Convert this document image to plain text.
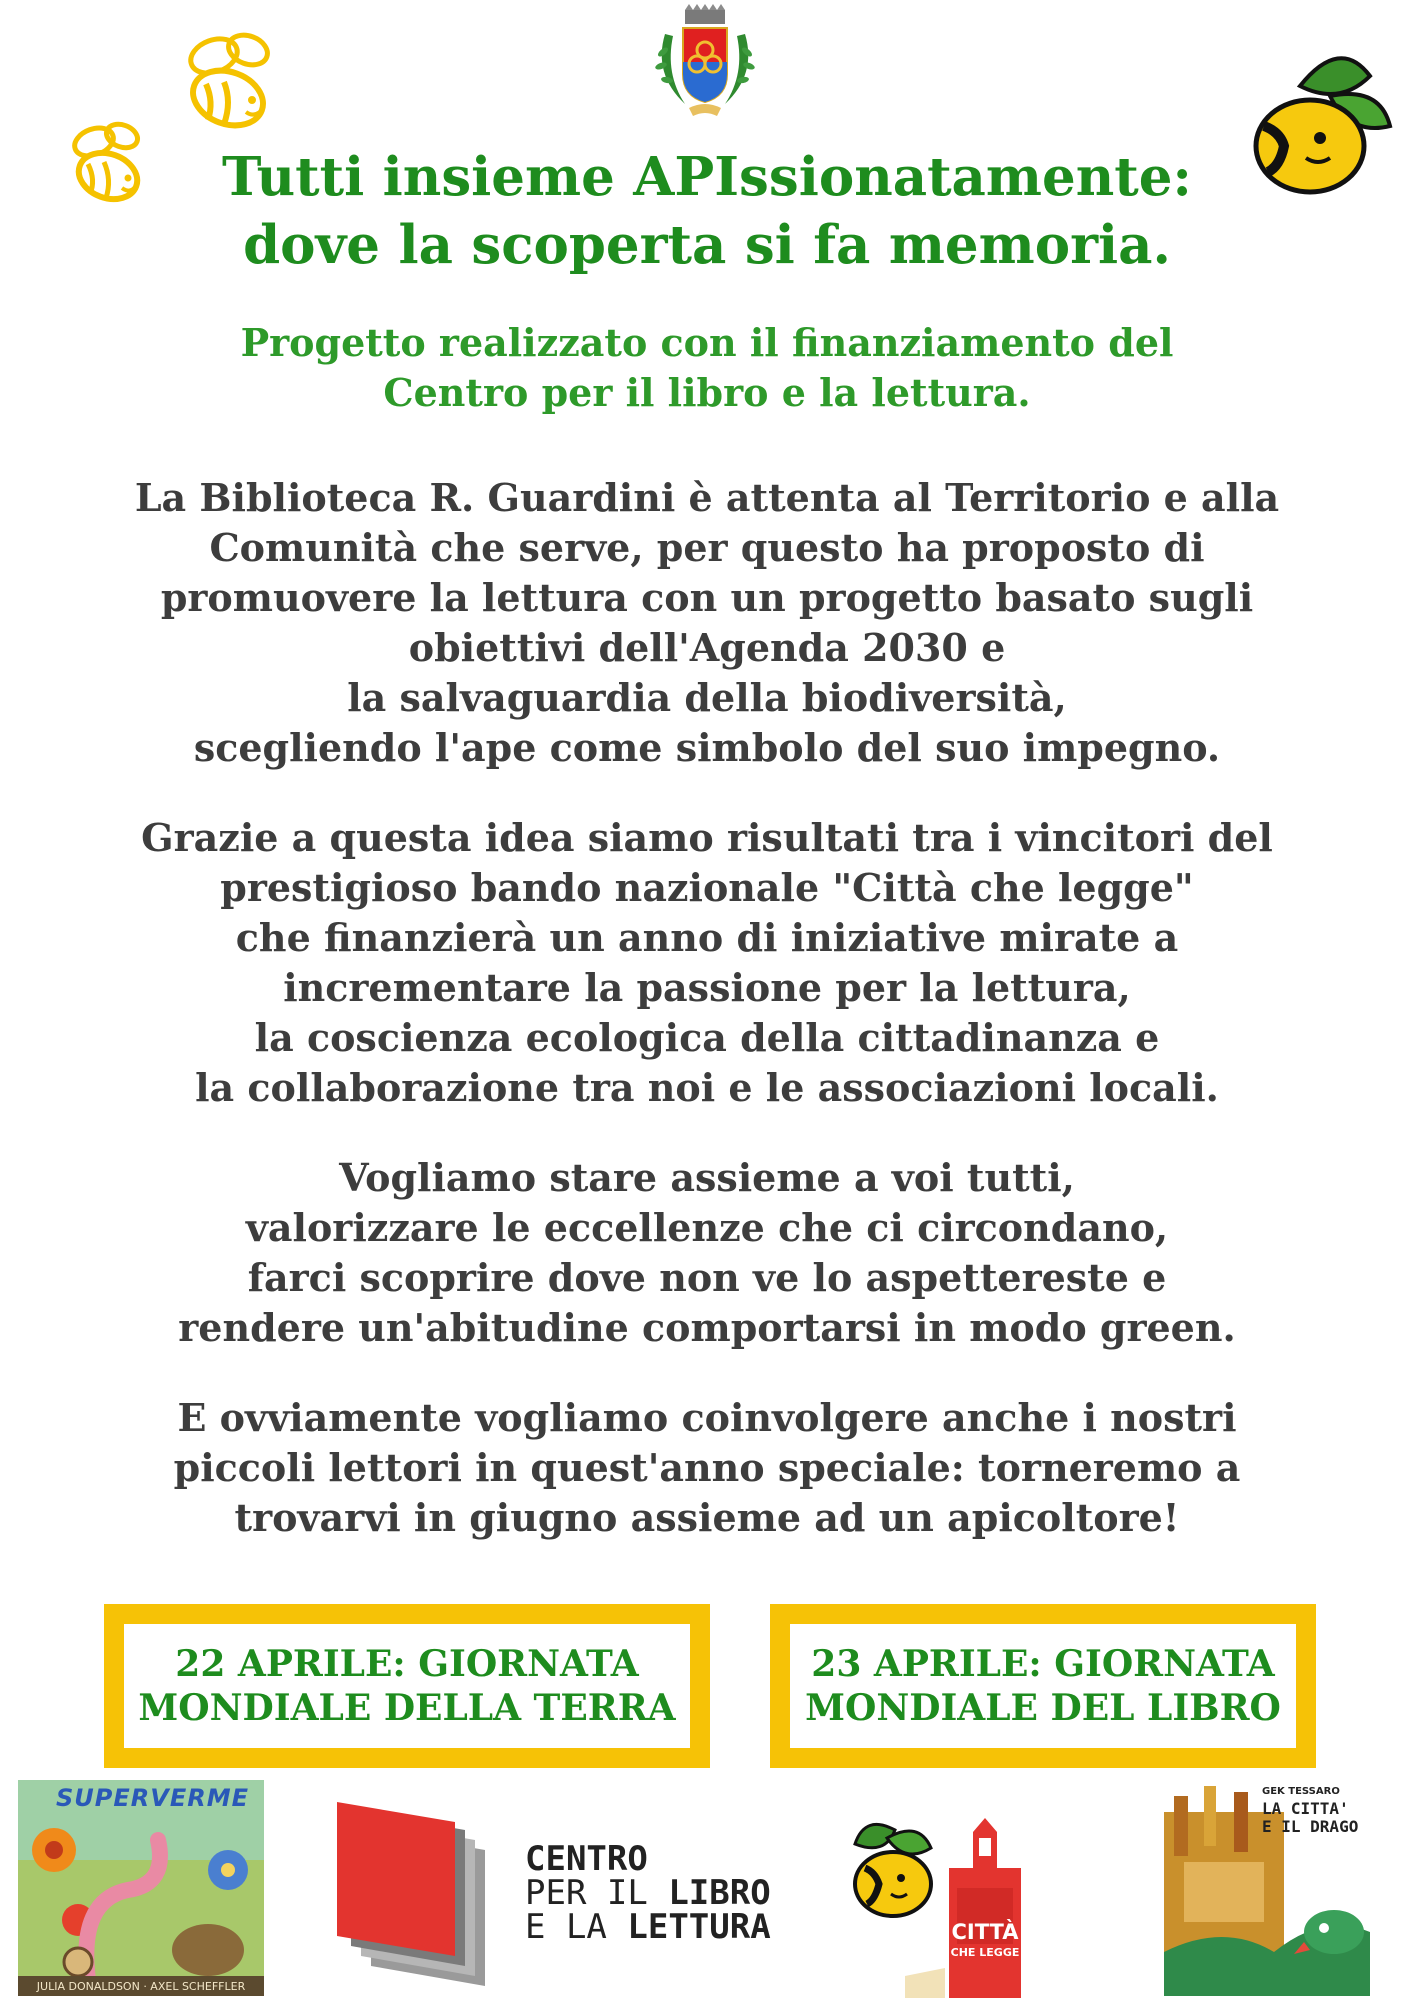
Tutti insieme APIssionatamente:
dove la scoperta si fa memoria.
Progetto realizzato con il finanziamento del
Centro per il libro e la lettura.
La Biblioteca R. Guardini è attenta al Territorio e alla
Comunità che serve, per questo ha proposto di
promuovere la lettura con un progetto basato sugli
obiettivi dell'Agenda 2030 e
la salvaguardia della biodiversità,
scegliendo l'ape come simbolo del suo impegno.
Grazie a questa idea siamo risultati tra i vincitori del
prestigioso bando nazionale "Città che legge"
che finanzierà un anno di iniziative mirate a
incrementare la passione per la lettura,
la coscienza ecologica della cittadinanza e
la collaborazione tra noi e le associazioni locali.
Vogliamo stare assieme a voi tutti,
valorizzare le eccellenze che ci circondano,
farci scoprire dove non ve lo aspettereste e
rendere un'abitudine comportarsi in modo green.
E ovviamente vogliamo coinvolgere anche i nostri
piccoli lettori in quest'anno speciale: torneremo a
trovarvi in giugno assieme ad un apicoltore!
22 APRILE: GIORNATA
MONDIALE DELLA TERRA
23 APRILE: GIORNATA
MONDIALE DEL LIBRO
SUPERVERME
JULIA DONALDSON · AXEL SCHEFFLER
CENTRO
PER IL LIBRO
E LA LETTURA	CITTÀ
CHE LEGGE
GEK TESSARO
LA CITTA'
E IL DRAGO
